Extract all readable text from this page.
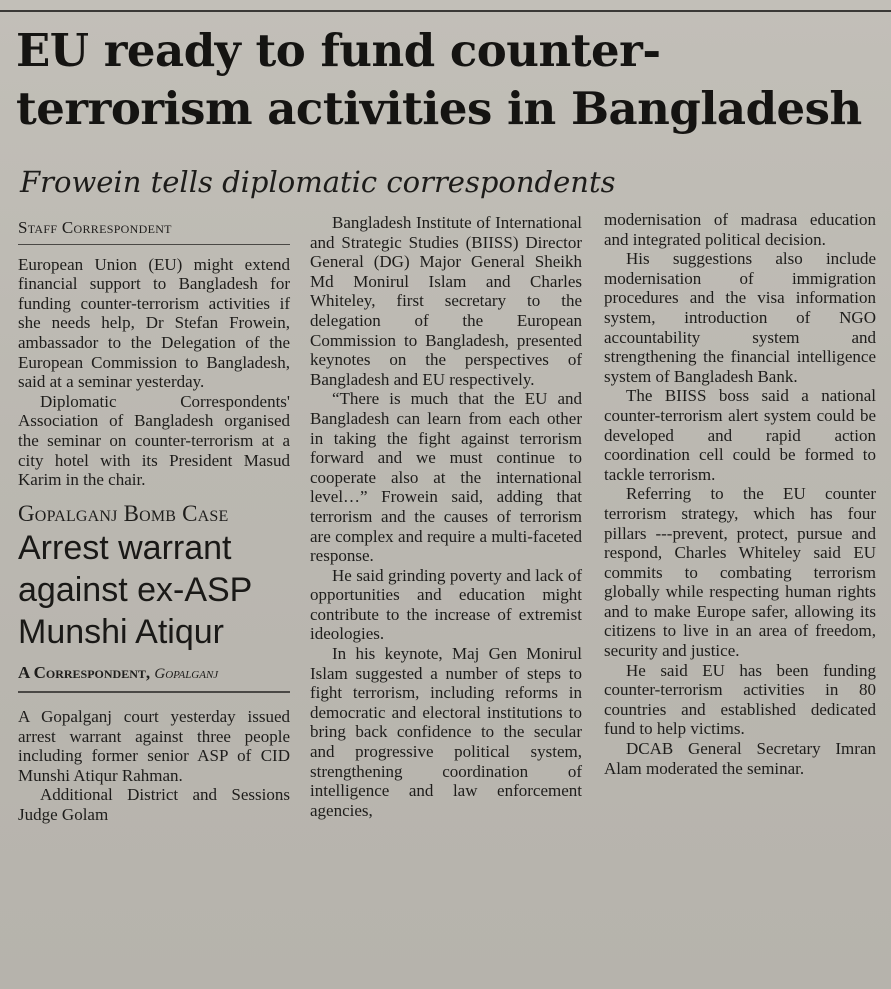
EU ready to fund counter-terrorism activities in Bangladesh
Frowein tells diplomatic correspondents
Staff Correspondent

European Union (EU) might extend financial support to Bangladesh for funding counter-terrorism activities if she needs help, Dr Stefan Frowein, ambassador to the Delegation of the European Commission to Bangladesh, said at a seminar yesterday.

Diplomatic Correspondents' Association of Bangladesh organised the seminar on counter-terrorism at a city hotel with its President Masud Karim in the chair.

Gopalganj Bomb Case
Arrest warrant against ex-ASP Munshi Atiqur
A Correspondent, Gopalganj

A Gopalganj court yesterday issued arrest warrant against three people including former senior ASP of CID Munshi Atiqur Rahman.

Additional District and Sessions Judge Golam

Bangladesh Institute of International and Strategic Studies (BIISS) Director General (DG) Major General Sheikh Md Monirul Islam and Charles Whiteley, first secretary to the delegation of the European Commission to Bangladesh, presented keynotes on the perspectives of Bangladesh and EU respectively.

“There is much that the EU and Bangladesh can learn from each other in taking the fight against terrorism forward and we must continue to cooperate also at the international level…” Frowein said, adding that terrorism and the causes of terrorism are complex and require a multi-faceted response.

He said grinding poverty and lack of opportunities and education might contribute to the increase of extremist ideologies.

In his keynote, Maj Gen Monirul Islam suggested a number of steps to fight terrorism, including reforms in democratic and electoral institutions to bring back confidence to the secular and progressive political system, strengthening coordination of intelligence and law enforcement agencies,

modernisation of madrasa education and integrated political decision.

His suggestions also include modernisation of immigration procedures and the visa information system, introduction of NGO accountability system and strengthening the financial intelligence system of Bangladesh Bank.

The BIISS boss said a national counter-terrorism alert system could be developed and rapid action coordination cell could be formed to tackle terrorism.

Referring to the EU counter terrorism strategy, which has four pillars ---prevent, protect, pursue and respond, Charles Whiteley said EU commits to combating terrorism globally while respecting human rights and to make Europe safer, allowing its citizens to live in an area of freedom, security and justice.

He said EU has been funding counter-terrorism activities in 80 countries and established dedicated fund to help victims.

DCAB General Secretary Imran Alam moderated the seminar.
